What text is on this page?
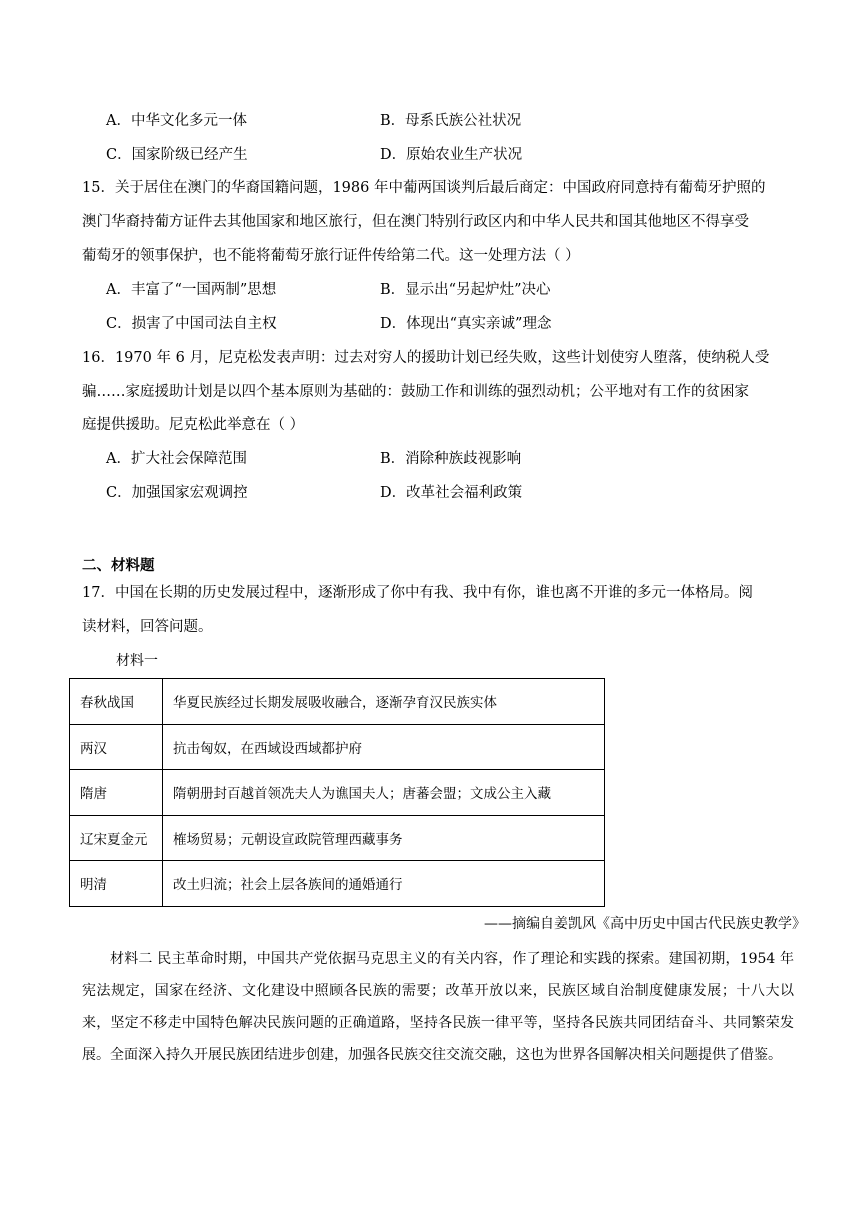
A．中华文化多元一体	B．母系氏族公社状况
C．国家阶级已经产生	D．原始农业生产状况
15．关于居住在澳门的华裔国籍问题，1986 年中葡两国谈判后最后商定：中国政府同意持有葡萄牙护照的
澳门华裔持葡方证件去其他国家和地区旅行，但在澳门特别行政区内和中华人民共和国其他地区不得享受
葡萄牙的领事保护，也不能将葡萄牙旅行证件传给第二代。这一处理方法（ ）
A．丰富了“一国两制”思想	B．显示出“另起炉灶”决心
C．损害了中国司法自主权	D．体现出“真实亲诚”理念
16．1970 年 6 月，尼克松发表声明：过去对穷人的援助计划已经失败，这些计划使穷人堕落，使纳税人受
骗……家庭援助计划是以四个基本原则为基础的：鼓励工作和训练的强烈动机；公平地对有工作的贫困家
庭提供援助。尼克松此举意在（ ）
A．扩大社会保障范围	B．消除种族歧视影响
C．加强国家宏观调控	D．改革社会福利政策
二、材料题
17．中国在长期的历史发展过程中，逐渐形成了你中有我、我中有你，谁也离不开谁的多元一体格局。阅
读材料，回答问题。
材料一
春秋战国	华夏民族经过长期发展吸收融合，逐渐孕育汉民族实体
两汉	抗击匈奴，在西域设西域都护府
隋唐	隋朝册封百越首领冼夫人为谯国夫人；唐蕃会盟；文成公主入藏
辽宋夏金元	榷场贸易；元朝设宣政院管理西藏事务
明清	改土归流；社会上层各族间的通婚通行
——摘编自姜凯风《高中历史中国古代民族史教学》
材料二 民主革命时期，中国共产党依据马克思主义的有关内容，作了理论和实践的探索。建国初期，1954 年宪法规定，国家在经济、文化建设中照顾各民族的需要；改革开放以来，民族区域自治制度健康发展；十八大以来，坚定不移走中国特色解决民族问题的正确道路，坚持各民族一律平等，坚持各民族共同团结奋斗、共同繁荣发展。全面深入持久开展民族团结进步创建，加强各民族交往交流交融，这也为世界各国解决相关问题提供了借鉴。
